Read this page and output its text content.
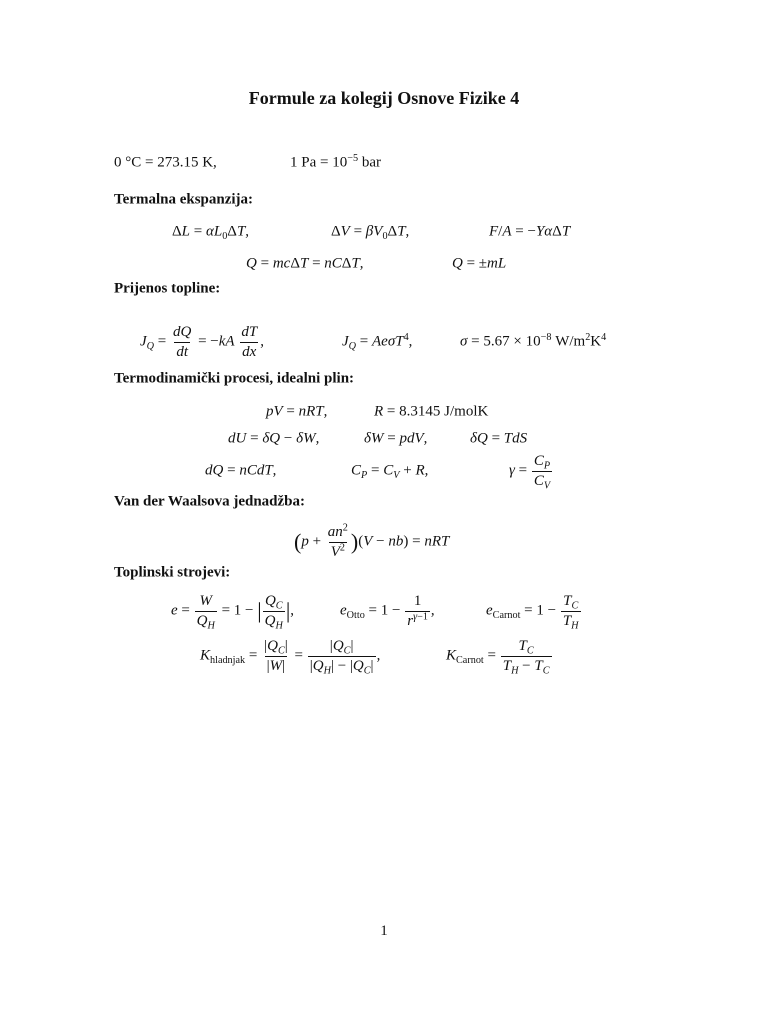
Formule za kolegij Osnove Fizike 4
0 °C = 273.15 K,	1 $Pa = 10^{-5}$ bar
Termalna ekspanzija:
$\Delta L = \alpha L_0\Delta T$,	$\Delta V = \beta V_0\Delta T$,	F/A = −YαΔT
Q = mcΔT = nCΔT,	Q = ±mL
Prijenos topline:
$J_Q = \frac{dQ}{dt} = -kA \frac{dT}{dx}$ ,	$J_Q = Ae\sigma T^4$,	$\sigma = 5.67 \times 10^{-8}$ $W/m^2K^4$
Termodinamički procesi, idealni plin:
pV = nRT,	R = 8.3145 J/molK
dU = δQ − δW,	δW = pdV,	δQ = TdS
dQ = nCdT,	$C_P = C_V + R$,	$\gamma = \frac{C_P}{C_V}$
Van der Waalsova jednadžba:
$(p + \frac{an^2}{V^2} )(V - nb)$ = nRT
Toplinski strojevi:
$e = \frac{W}{Q_H} = 1$ − | $\frac{Q_C}{Q_H}$ |,	$e_{Otto} = 1 - \frac{1}{r^{\gamma-1}}$ ,	$e_{Carnot} = 1 - \frac{T_C}{T_H}$
$K_{hladnjak} = \frac{|Q_C|}{|W|} = \frac{|Q_C|}{|Q_H| - |Q_C|}$ ,	$K_{Carnot} = \frac{T_C}{T_H - T_C}$
1
